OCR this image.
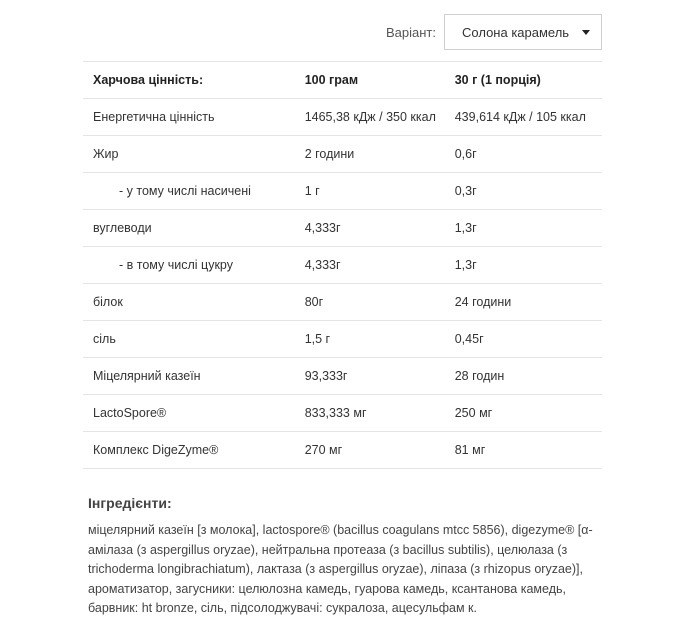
Варіант: Солона карамель
Харчова цінність:	100 грам	30 г (1 порція)
Енергетична цінність	1465,38 кДж / 350 ккал	439,614 кДж / 105 ккал
Жир	2 години	0,6г
- у тому числі насичені	1 г	0,3г
вуглеводи	4,333г	1,3г
- в тому числі цукру	4,333г	1,3г
білок	80г	24 години
сіль	1,5 г	0,45г
Міцелярний казеїн	93,333г	28 годин
LactoSpore®	833,333 мг	250 мг
Комплекс DigeZyme®	270 мг	81 мг
Інгредієнти:
міцелярний казеїн [з молока], lactospore® (bacillus coagulans mtcc 5856), digezyme® [α-амілаза (з aspergillus oryzae), нейтральна протеаза (з bacillus subtilis), целюлаза (з trichoderma longibrachiatum), лактаза (з aspergillus oryzae), ліпаза (з rhizopus oryzae)], ароматизатор, загусники: целюлозна камедь, гуарова камедь, ксантанова камедь, барвник: ht bronze, сіль, підсолоджувачі: сукралоза, ацесульфам к.
